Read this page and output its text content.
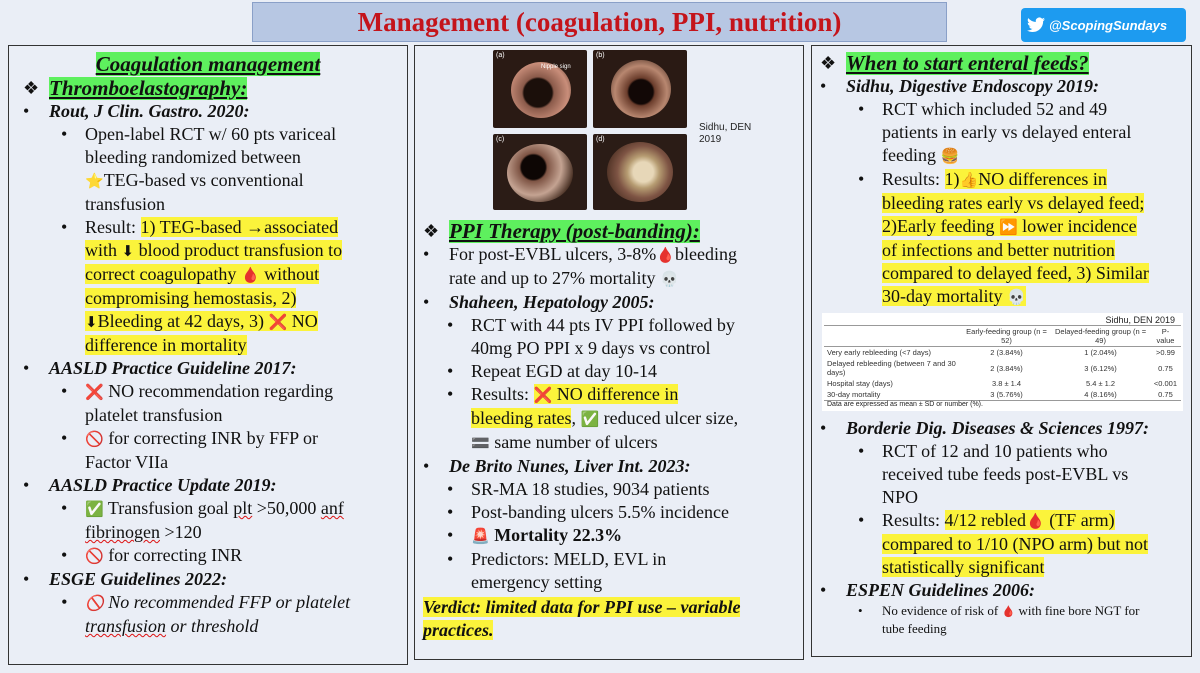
Management (coagulation, PPI, nutrition)	@ScopingSundays
Coagulation management
❖ Thromboelastography:
•	Rout, J Clin. Gastro. 2020:
• Open-label RCT w/ 60 pts variceal
bleeding randomized between
⭐TEG-based vs conventional
transfusion
• Result: 1) TEG-based →associated
with ⬇ blood product transfusion to
correct coagulopathy 🩸 without
compromising hemostasis, 2)
⬇Bleeding at 42 days, 3) ❌ NO
difference in mortality
•	AASLD Practice Guideline 2017:
•	❌ NO recommendation regarding
platelet transfusion
•	🚫 for correcting INR by FFP or
Factor VIIa
•	AASLD Practice Update 2019:
•	✅ Transfusion goal plt >50,000 anf
fibrinogen >120
•	🚫 for correcting INR
•	ESGE Guidelines 2022:
•	🚫 No recommended FFP or platelet
transfusion or threshold
(a)
Nipple sign
(b)
(c)	(d)
Sidhu, DEN
2019
❖ PPI Therapy (post-banding):
•	For post-EVBL ulcers, 3-8%🩸bleeding
rate and up to 27% mortality 💀
•	Shaheen, Hepatology 2005:
• RCT with 44 pts IV PPI followed by
40mg PO PPI x 9 days vs control
• Repeat EGD at day 10-14
• Results: ❌ NO difference in
bleeding rates, ✅ reduced ulcer size,
🟰 same number of ulcers
•	De Brito Nunes, Liver Int. 2023:
• SR-MA 18 studies, 9034 patients
• Post-banding ulcers 5.5% incidence
•	🚨 Mortality 22.3%
• Predictors: MELD, EVL in
emergency setting
Verdict: limited data for PPI use – variable
practices.
❖ When to start enteral feeds?
•	Sidhu, Digestive Endoscopy 2019:
• RCT which included 52 and 49
patients in early vs delayed enteral
feeding 🍔
• Results: 1)👍NO differences in
bleeding rates early vs delayed feed;
2)Early feeding ⏩ lower incidence
of infections and better nutrition
compared to delayed feed, 3) Similar
30-day mortality 💀
Sidhu, DEN 2019
	Early-feeding group (n = 52)	Delayed-feeding group (n = 49)	P-value
Very early rebleeding (<7 days)	2 (3.84%)	1 (2.04%)	>0.99
Delayed rebleeding (between 7 and 30 days)	2 (3.84%)	3 (6.12%)	0.75
Hospital stay (days)	3.8 ± 1.4	5.4 ± 1.2	<0.001
30-day mortality	3 (5.76%)	4 (8.16%)	0.75
Data are expressed as mean ± SD or number (%).
•	Borderie Dig. Diseases & Sciences 1997:
• RCT of 12 and 10 patients who
received tube feeds post-EVBL vs
NPO
• Results: 4/12 rebled🩸 (TF arm)
compared to 1/10 (NPO arm) but not
statistically significant
•	ESPEN Guidelines 2006:
•	No evidence of risk of 🩸 with fine bore NGT for
tube feeding
